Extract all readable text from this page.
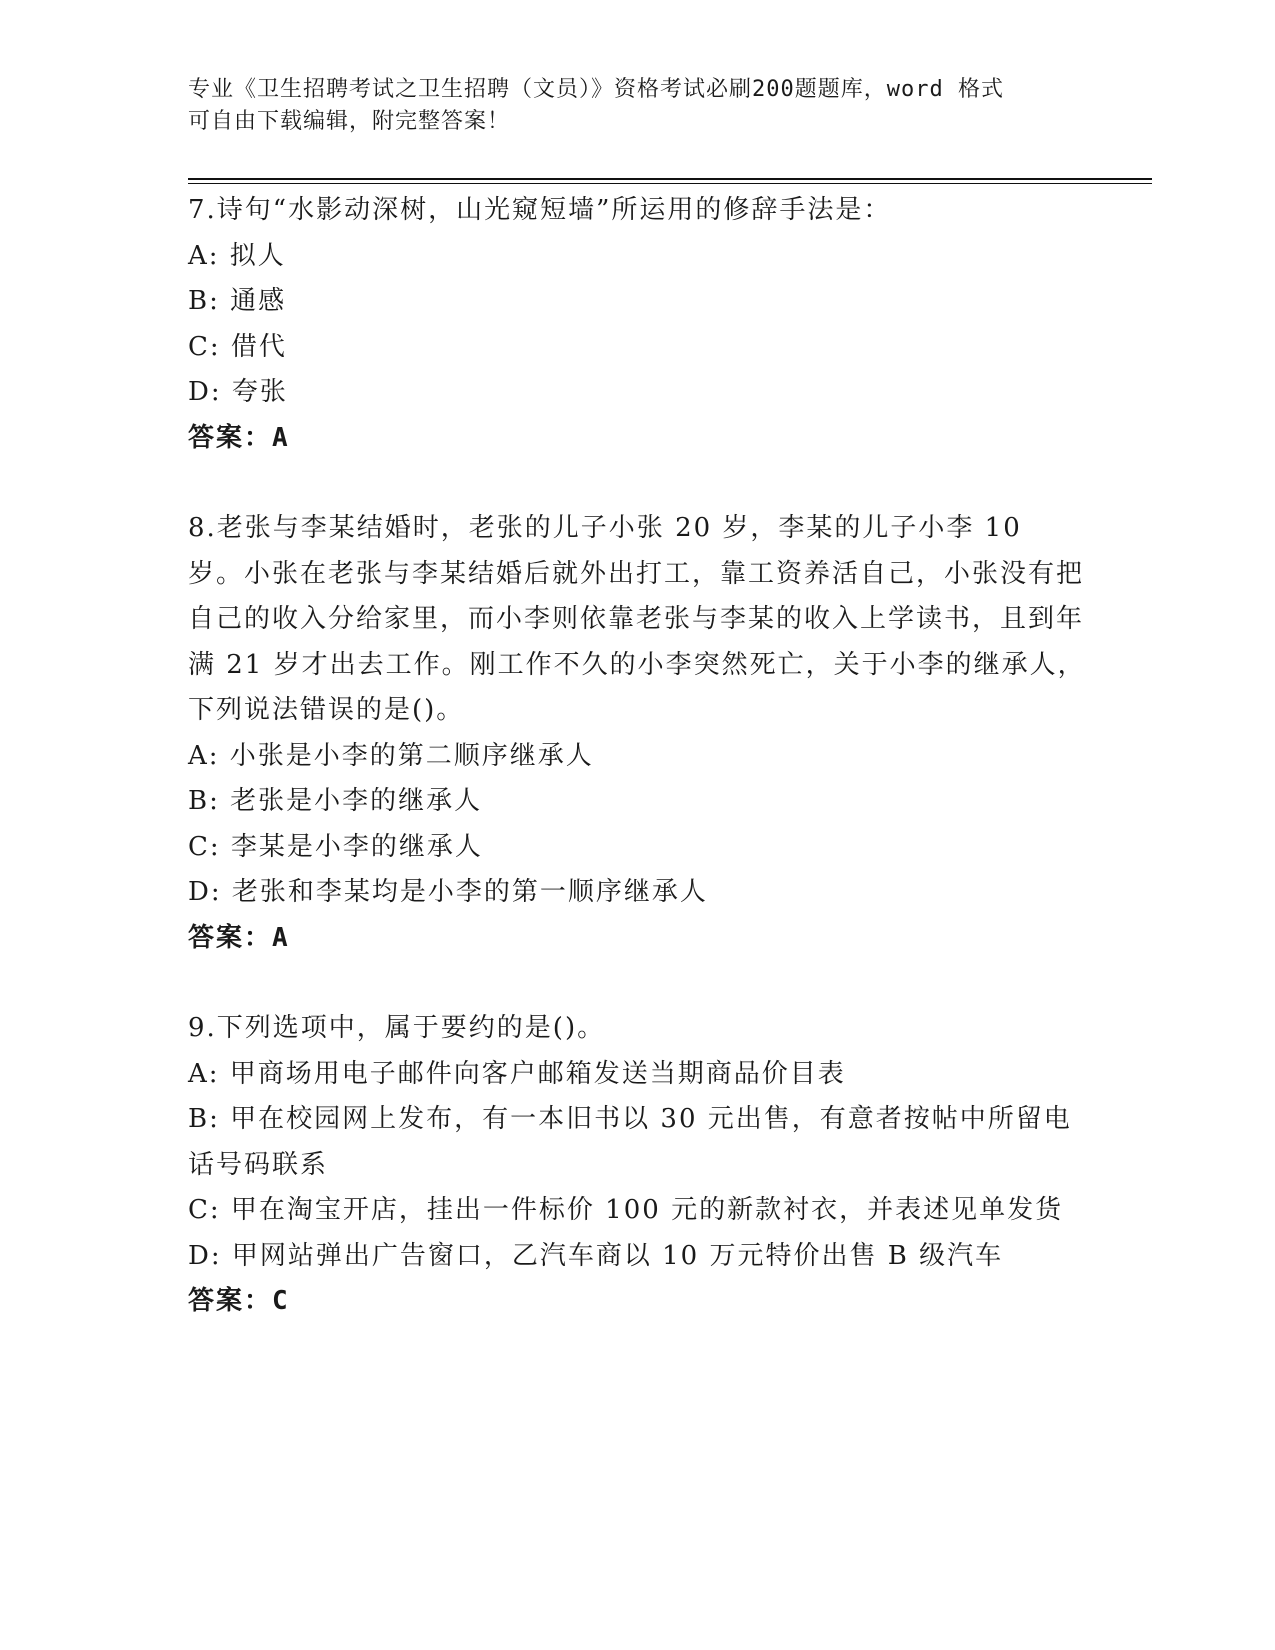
专业《卫生招聘考试之卫生招聘（文员）》资格考试必刷200题题库，word 格式
可自由下载编辑，附完整答案！

7.诗句“水影动深树，山光窥短墙”所运用的修辞手法是：

A: 拟人

B: 通感

C: 借代

D: 夸张

答案：A

8.老张与李某结婚时，老张的儿子小张 20 岁，李某的儿子小李 10 岁。小张在老张与李某结婚后就外出打工，靠工资养活自己，小张没有把自己的收入分给家里，而小李则依靠老张与李某的收入上学读书，且到年满 21 岁才出去工作。刚工作不久的小李突然死亡，关于小李的继承人，下列说法错误的是()。

A: 小张是小李的第二顺序继承人

B: 老张是小李的继承人

C: 李某是小李的继承人

D: 老张和李某均是小李的第一顺序继承人

答案：A

9.下列选项中，属于要约的是()。

A: 甲商场用电子邮件向客户邮箱发送当期商品价目表

B: 甲在校园网上发布，有一本旧书以 30 元出售，有意者按帖中所留电话号码联系

C: 甲在淘宝开店，挂出一件标价 100 元的新款衬衣，并表述见单发货

D: 甲网站弹出广告窗口，乙汽车商以 10 万元特价出售 B 级汽车

答案：C
